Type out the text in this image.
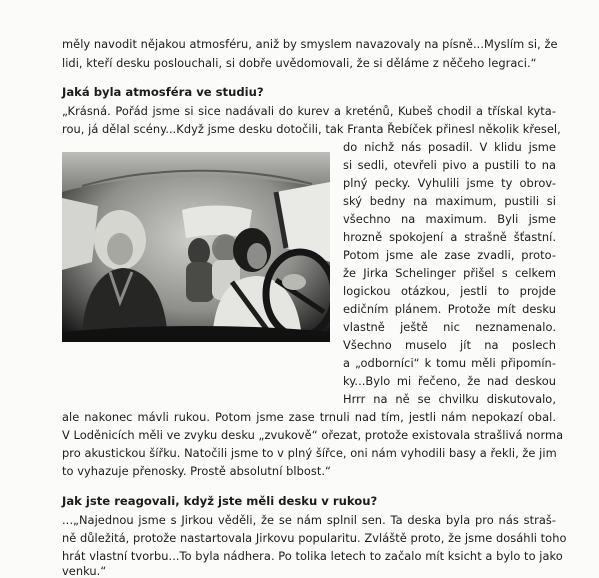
měly navodit nějakou atmosféru, aniž by smyslem navazovaly na písně...Myslím si, že
lidi, kteří desku poslouchali, si dobře uvědomovali, že si děláme z něčeho legraci.“
Jaká byla atmosféra ve studiu?
„Krásná. Pořád jsme si sice nadávali do kurev a kreténů, Kubeš chodil a třískal kyta-
rou, já dělal scény...Když jsme desku dotočili, tak Franta Řebíček přinesl několik křesel,
do nichž nás posadil. V klidu jsme
si sedli, otevřeli pivo a pustili to na
plný pecky. Vyhulili jsme ty obrov-
ský bedny na maximum, pustili si
všechno na maximum. Byli jsme
hrozně spokojení a strašně šťastní.
Potom jsme ale zase zvadli, proto-
že Jirka Schelinger přišel s celkem
logickou otázkou, jestli to projde
edičním plánem. Protože mít desku
vlastně ještě nic neznamenalo.
Všechno muselo jít na poslech
a „odborníci“ k tomu měli připomín-
ky...Bylo mi řečeno, že nad deskou
Hrrr na ně se chvilku diskutovalo,
ale nakonec mávli rukou. Potom jsme zase trnuli nad tím, jestli nám nepokazí obal.
V Loděnicích měli ve zvyku desku „zvukově“ ořezat, protože existovala strašlivá norma
pro akustickou šířku. Natočili jsme to v plný šířce, oni nám vyhodili basy a řekli, že jim
to vyhazuje přenosky. Prostě absolutní blbost.“
Jak jste reagovali, když jste měli desku v rukou?
...„Najednou jsme s Jirkou věděli, že se nám splnil sen. Ta deska byla pro nás straš-
ně důležitá, protože nastartovala Jirkovu popularitu. Zvláště proto, že jsme dosáhli toho
hrát vlastní tvorbu...To byla nádhera. Po tolika letech to začalo mít ksicht a bylo to jako
venku.“
